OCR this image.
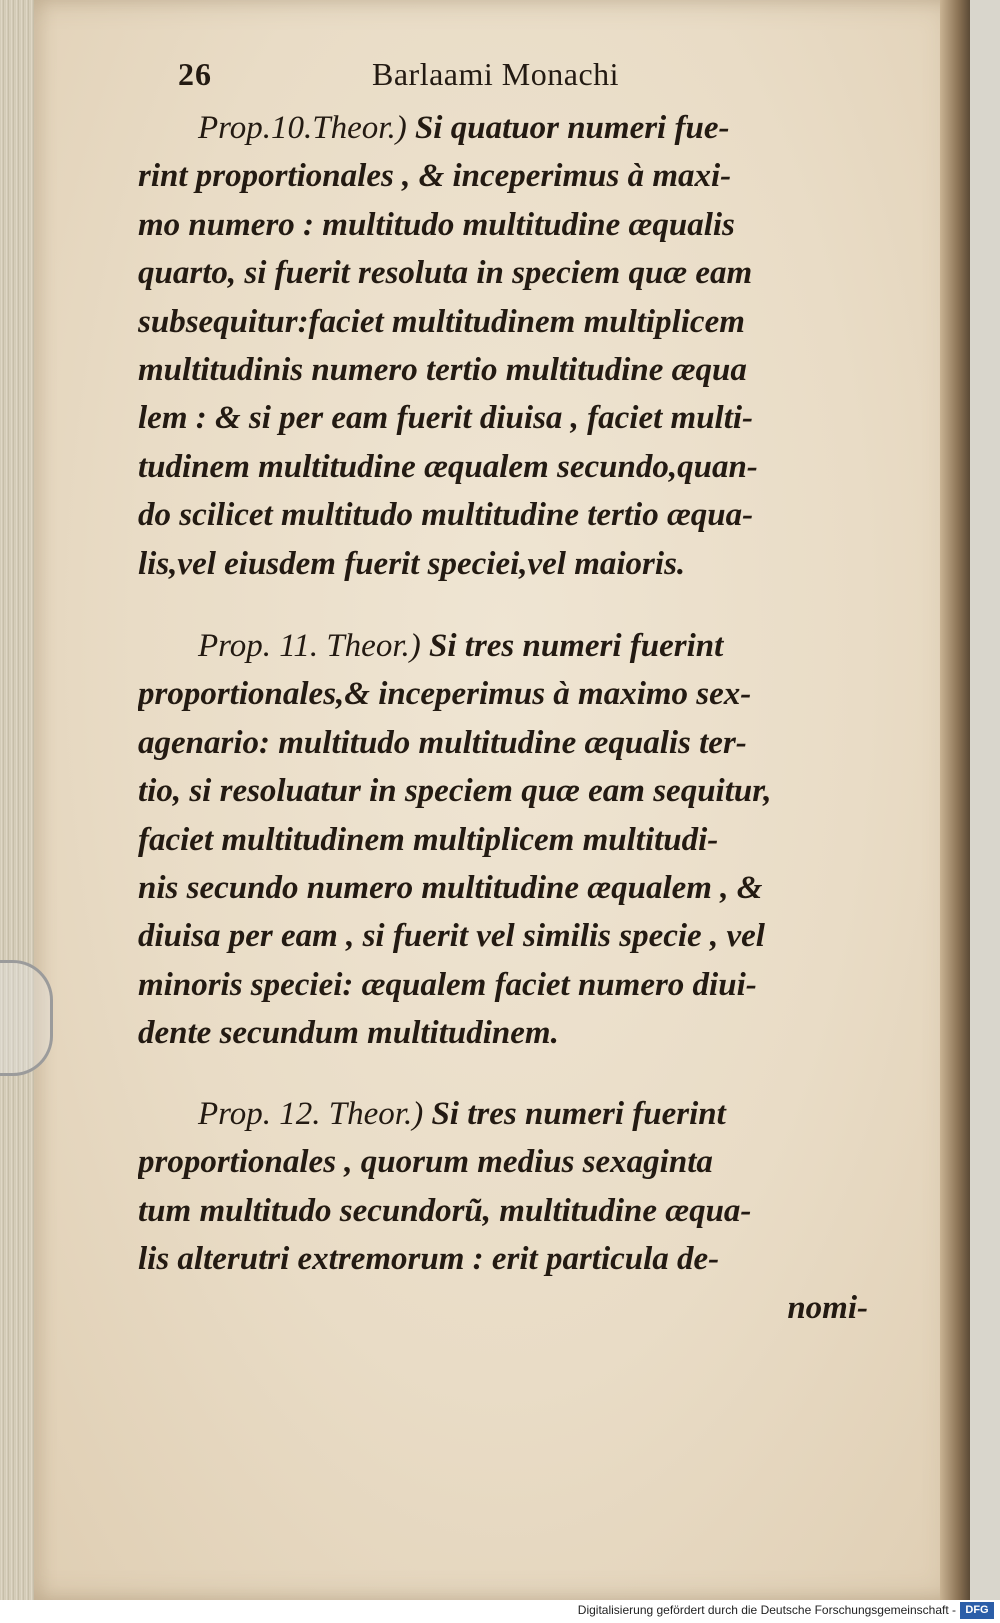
26	Barlaami Monachi
Prop.10.Theor.) Si quatuor numeri fue-
rint proportionales , & inceperimus à maxi-
mo numero : multitudo multitudine æqualis
quarto, si fuerit resoluta in speciem quæ eam
subsequitur:faciet multitudinem multiplicem
multitudinis numero tertio multitudine æqua
lem : & si per eam fuerit diuisa , faciet multi-
tudinem multitudine æqualem secundo,quan-
do scilicet multitudo multitudine tertio æqua-
lis,vel eiusdem fuerit speciei,vel maioris.
Prop. 11. Theor.) Si tres numeri fuerint
proportionales,& inceperimus à maximo sex-
agenario: multitudo multitudine æqualis ter-
tio, si resoluatur in speciem quæ eam sequitur,
faciet multitudinem multiplicem multitudi-
nis secundo numero multitudine æqualem , &
diuisa per eam , si fuerit vel similis specie , vel
minoris speciei: æqualem faciet numero diui-
dente secundum multitudinem.
Prop. 12. Theor.) Si tres numeri fuerint
proportionales , quorum medius sexaginta
tum multitudo secundorũ, multitudine æqua-
lis alterutri extremorum : erit particula de-
nomi-
Digitalisierung gefördert durch die Deutsche Forschungsgemeinschaft - DFG
